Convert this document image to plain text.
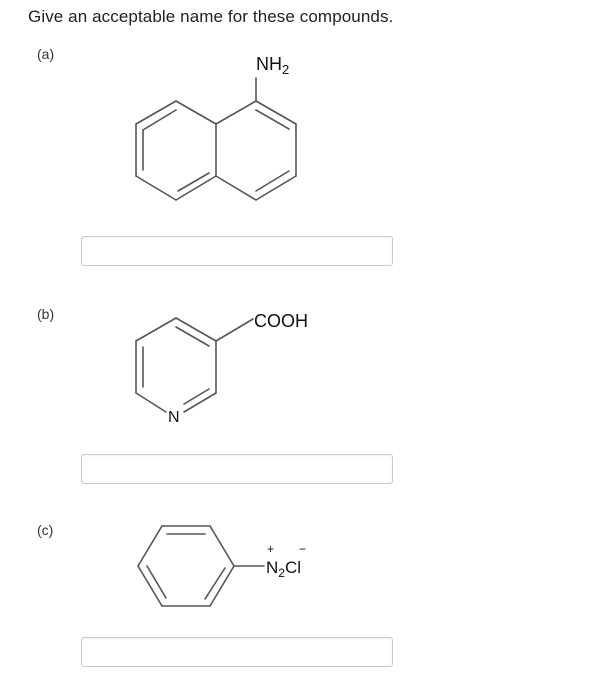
Give an acceptable name for these compounds.
(a)	$NH_2$
(b)
N
COOH
(c)
$N_2Cl$
+ −
